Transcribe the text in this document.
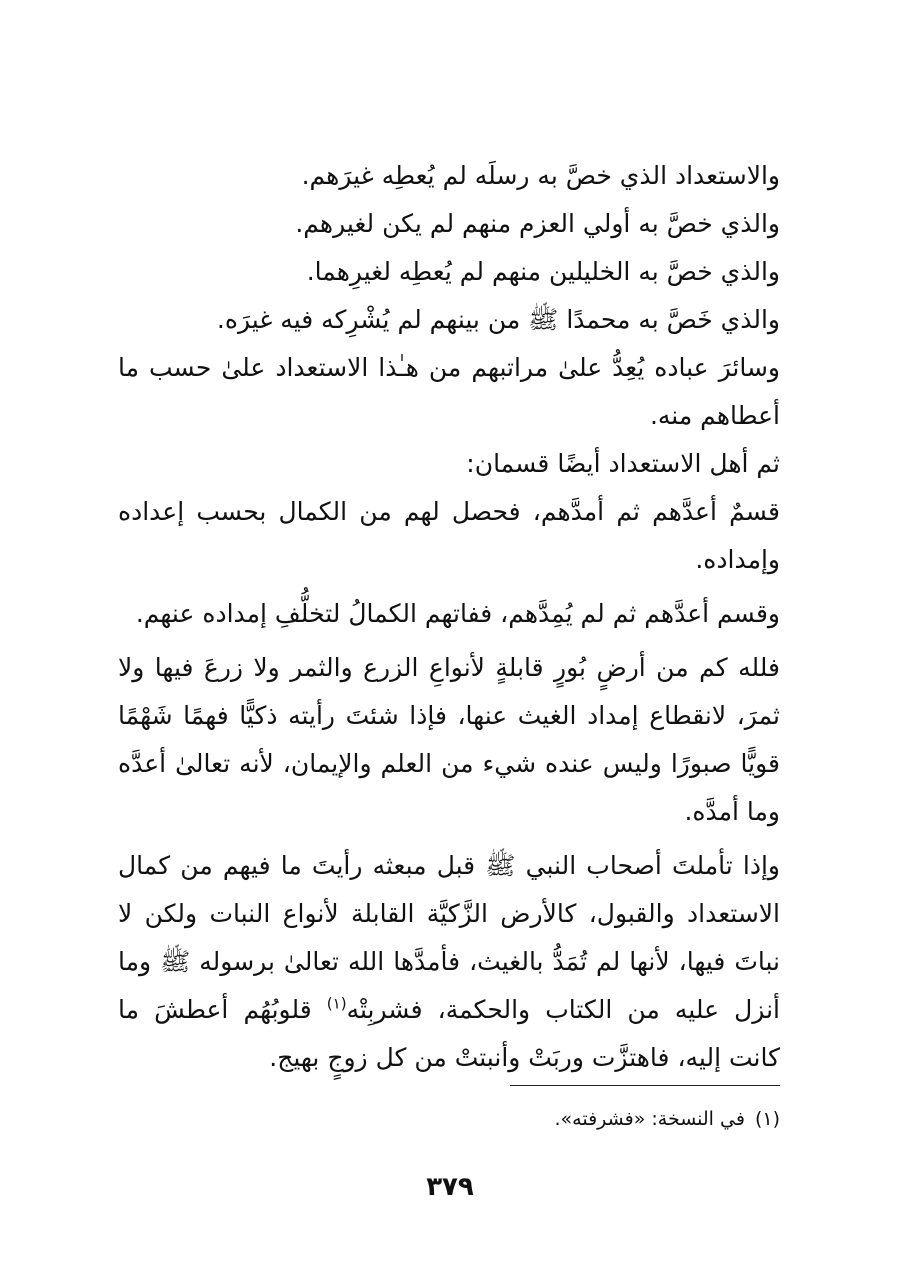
والاستعداد الذي خصَّ به رسلَه لم يُعطِه غيرَهم.

والذي خصَّ به أولي العزم منهم لم يكن لغيرهم.

والذي خصَّ به الخليلين منهم لم يُعطِه لغيرِهما.

والذي خَصَّ به محمدًا ﷺ من بينهم لم يُشْرِكه فيه غيرَه.

وسائرَ عباده يُعِدُّ علىٰ مراتبهم من هـٰذا الاستعداد علىٰ حسب ما أعطاهم منه.

ثم أهل الاستعداد أيضًا قسمان:

قسمٌ أعدَّهم ثم أمدَّهم، فحصل لهم من الكمال بحسب إعداده وإمداده.

وقسم أعدَّهم ثم لم يُمِدَّهم، ففاتهم الكمالُ لتخلُّفِ إمداده عنهم.

فلله كم من أرضٍ بُورٍ قابلةٍ لأنواعِ الزرع والثمر ولا زرعَ فيها ولا ثمرَ، لانقطاع إمداد الغيث عنها، فإذا شئتَ رأيته ذكيًّا فهمًا شَهْمًا قويًّا صبورًا وليس عنده شيء من العلم والإيمان، لأنه تعالىٰ أعدَّه وما أمدَّه.

وإذا تأملتَ أصحاب النبي ﷺ قبل مبعثه رأيتَ ما فيهم من كمال الاستعداد والقبول، كالأرض الزَّكيَّة القابلة لأنواع النبات ولكن لا نباتَ فيها، لأنها لم تُمَدُّ بالغيث، فأمدَّها الله تعالىٰ برسوله ﷺ وما أنزل عليه من الكتاب والحكمة، فشربِتْه$^{(١)}$ قلوبُهُم أعطشَ ما كانت إليه، فاهتزَّت وربَتْ وأنبتتْ من كل زوجٍ بهيج.

(١)في النسخة: «فشرفته».
٣٧٩
